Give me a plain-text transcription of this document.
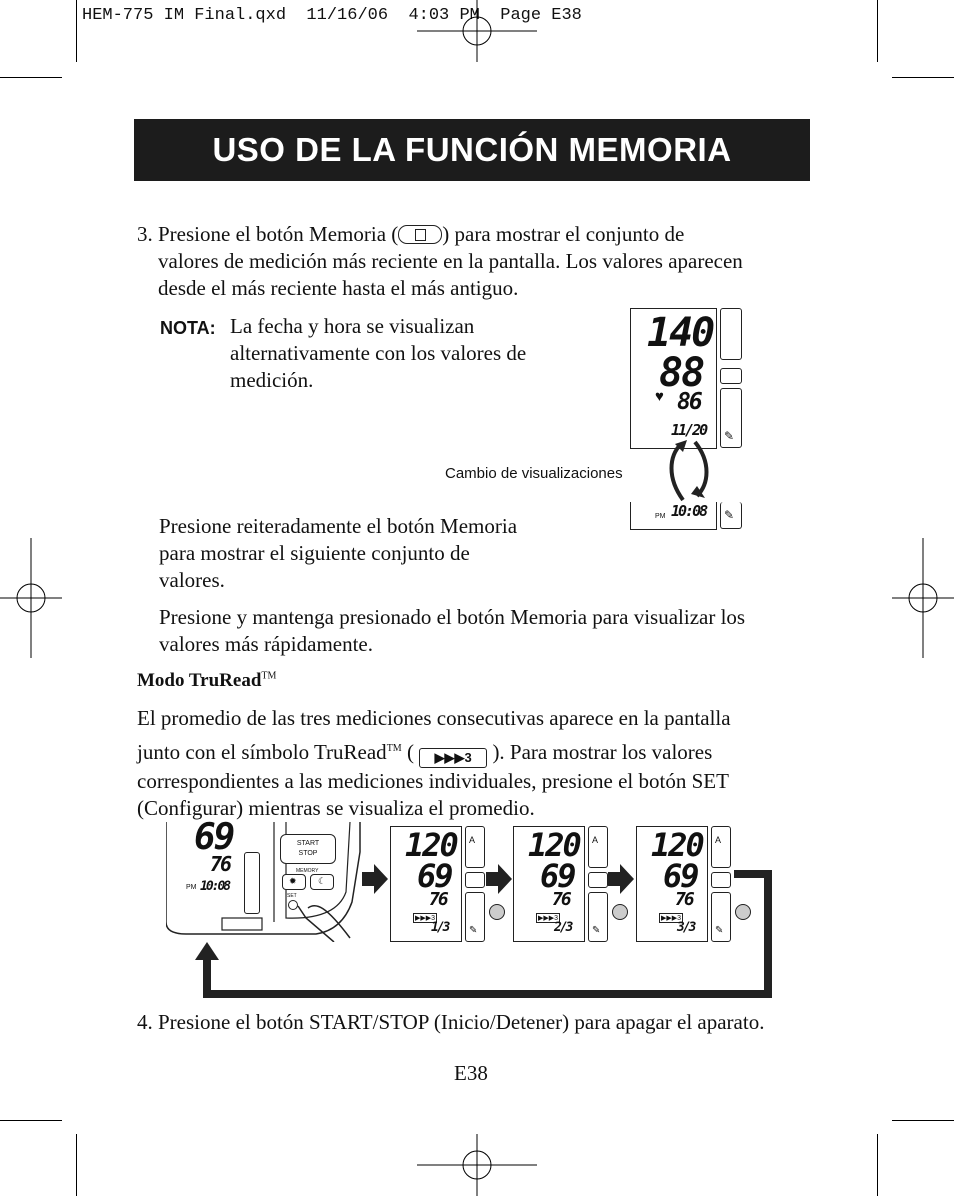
HEM-775 IM Final.qxd  11/16/06  4:03 PM  Page E38
USO DE LA FUNCIÓN MEMORIA
3. Presione el botón Memoria ( ) para mostrar el conjunto de
valores de medición más reciente en la pantalla. Los valores aparecen
desde el más reciente hasta el más antiguo.
NOTA: La fecha y hora se visualizan
alternativamente con los valores de
medición.
140
88
♥ 86
11/20 ✎
Cambio de visualizaciones
PM 10:08 ✎
Presione reiteradamente el botón Memoria
para mostrar el siguiente conjunto de
valores.
Presione y mantenga presionado el botón Memoria para visualizar los
valores más rápidamente.
Modo TruRead™
El promedio de las tres mediciones consecutivas aparece en la pantalla
junto con el símbolo TruRead™ ( ▶▶▶3 ). Para mostrar los valores
correspondientes a las mediciones individuales, presione el botón SET
(Configurar) mientras se visualiza el promedio.
69
76
PM 10:08
START
STOP
MEMORY
✹ ☾
SET
120
69
76
▶▶▶3
1/3
A
✎
120
69
76
▶▶▶3
2/3
A
✎
120
69
76
▶▶▶3
3/3
A
✎
4. Presione el botón START/STOP (Inicio/Detener) para apagar el aparato.
E38
